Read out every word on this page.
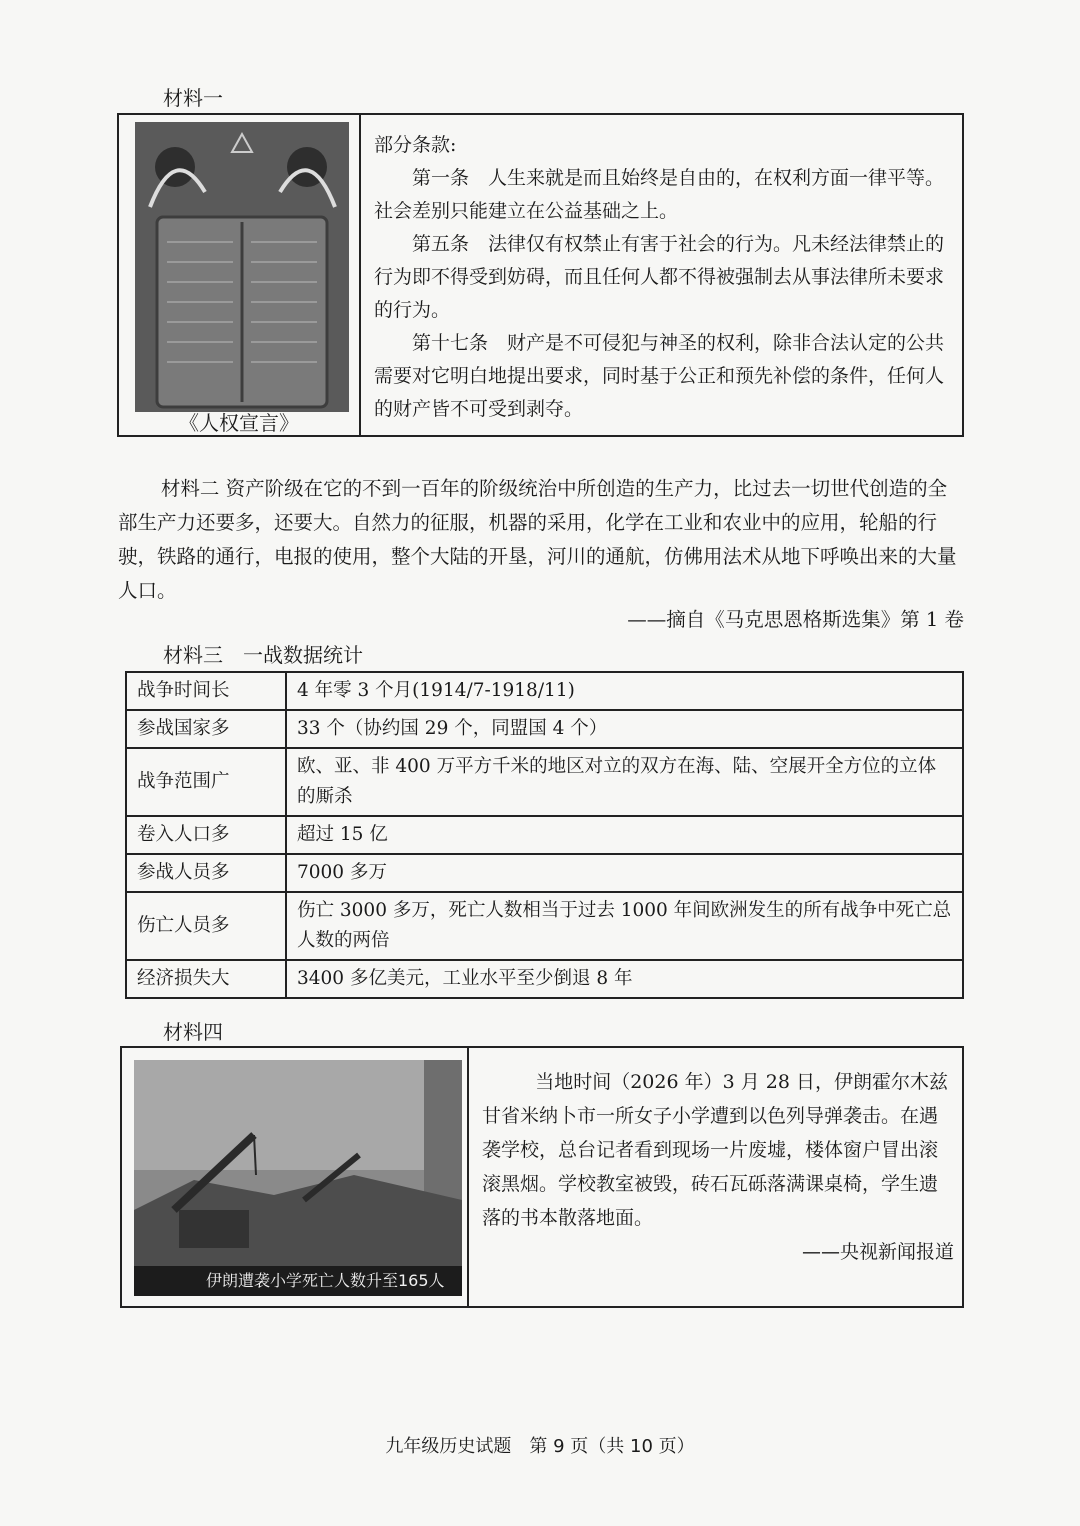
材料一
《人权宣言》

部分条款:

第一条　人生来就是而且始终是自由的，在权利方面一律平等。社会差别只能建立在公益基础之上。

第五条　法律仅有权禁止有害于社会的行为。凡未经法律禁止的行为即不得受到妨碍，而且任何人都不得被强制去从事法律所未要求的行为。

第十七条　财产是不可侵犯与神圣的权利，除非合法认定的公共需要对它明白地提出要求，同时基于公正和预先补偿的条件，任何人的财产皆不可受到剥夺。

材料二 资产阶级在它的不到一百年的阶级统治中所创造的生产力，比过去一切世代创造的全部生产力还要多，还要大。自然力的征服，机器的采用，化学在工业和农业中的应用，轮船的行驶，铁路的通行，电报的使用，整个大陆的开垦，河川的通航，仿佛用法术从地下呼唤出来的大量人口。

——摘自《马克思恩格斯选集》第 1 卷
材料三　一战数据统计
战争时间长	4 年零 3 个月(1914/7-1918/11)
参战国家多	33 个（协约国 29 个，同盟国 4 个）
战争范围广	欧、亚、非 400 万平方千米的地区对立的双方在海、陆、空展开全方位的立体的厮杀
卷入人口多	超过 15 亿
参战人员多	7000 多万
伤亡人员多	伤亡 3000 多万，死亡人数相当于过去 1000 年间欧洲发生的所有战争中死亡总人数的两倍
经济损失大	3400 多亿美元，工业水平至少倒退 8 年
材料四
伊朗遭袭小学死亡人数升至165人

当地时间（2026 年）3 月 28 日，伊朗霍尔木兹甘省米纳卜市一所女子小学遭到以色列导弹袭击。在遇袭学校，总台记者看到现场一片废墟，楼体窗户冒出滚滚黑烟。学校教室被毁，砖石瓦砾落满课桌椅，学生遗落的书本散落地面。

——央视新闻报道
九年级历史试题　第 9 页（共 10 页）
